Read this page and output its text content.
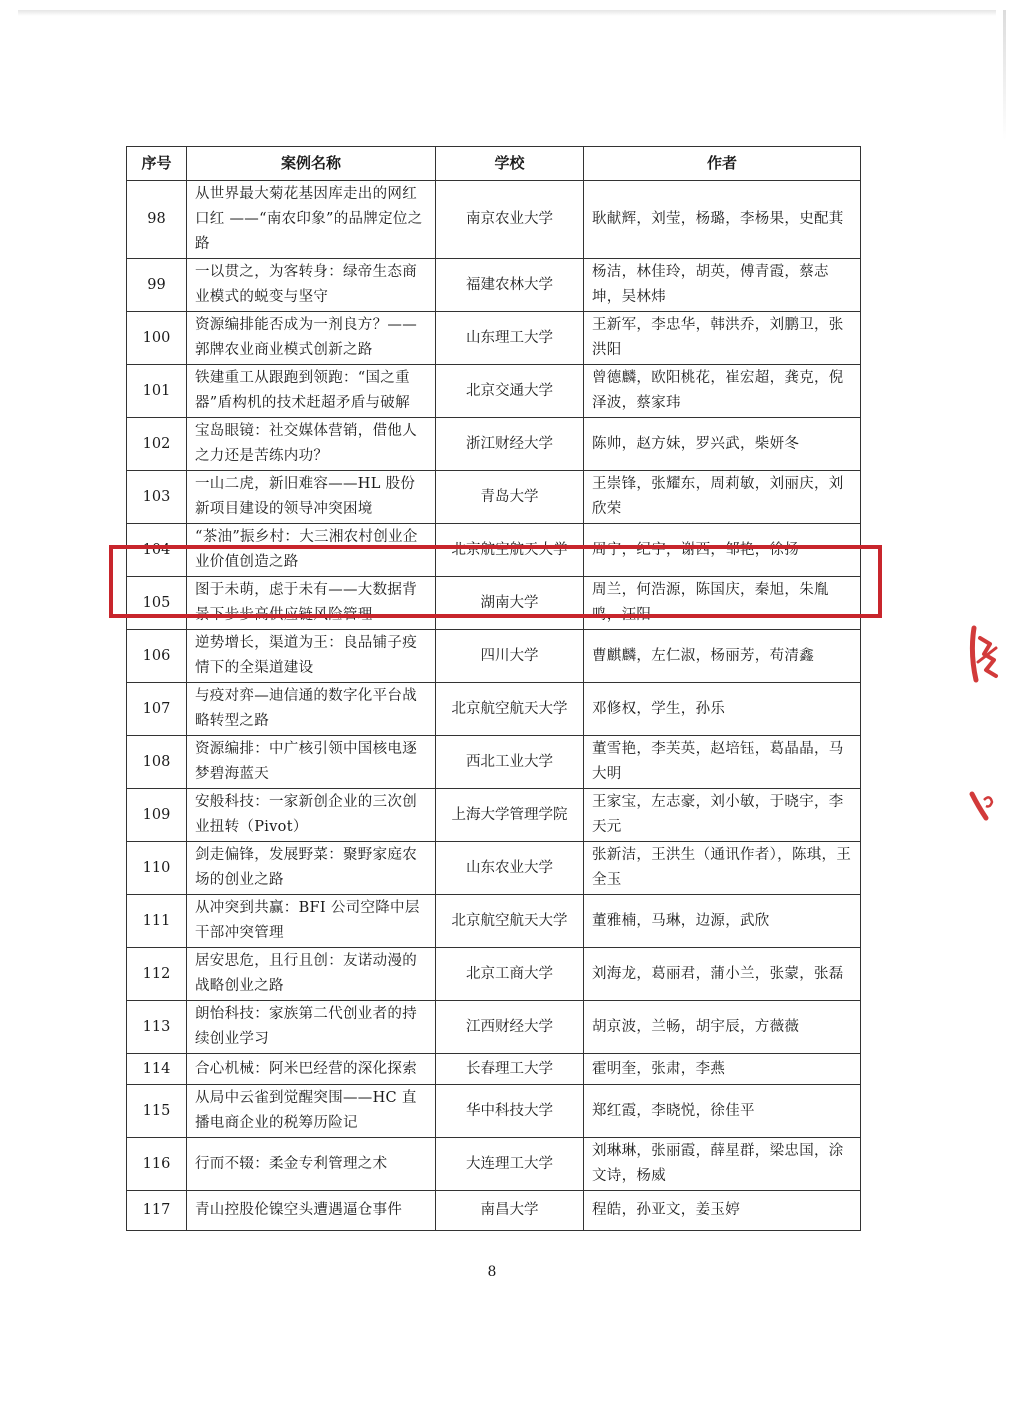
序号	案例名称	学校	作者
98	从世界最大菊花基因库走出的网红口红 ——“南农印象”的品牌定位之路	南京农业大学	耿献辉，刘莹，杨璐，李杨果，史配萁
99	一以贯之，为客转身：绿帝生态商业模式的蜕变与坚守	福建农林大学	杨洁，林佳玲，胡英，傅青霞，蔡志坤，吴林炜
100	资源编排能否成为一剂良方？——郭牌农业商业模式创新之路	山东理工大学	王新军，李忠华，韩洪乔，刘鹏卫，张洪阳
101	铁建重工从跟跑到领跑：“国之重器”盾构机的技术赶超矛盾与破解	北京交通大学	曾德麟，欧阳桃花，崔宏超，龚克，倪泽波，蔡家玮
102	宝岛眼镜：社交媒体营销，借他人之力还是苦练内功？	浙江财经大学	陈帅，赵方妹，罗兴武，柴妍冬
103	一山二虎，新旧难容——HL 股份新项目建设的领导冲突困境	青岛大学	王崇锋，张耀东，周莉敏，刘丽庆，刘欣荣
104	“茶油”振乡村：大三湘农村创业企业价值创造之路	北京航空航天大学	周宁，纪宇，谢西，邹艳，徐扬
105	图于未萌，虑于未有——大数据背景下步步高供应链风险管理	湖南大学	周兰，何浩源，陈国庆，秦旭，朱胤鸣，汪阳
106	逆势增长，渠道为王：良品铺子疫情下的全渠道建设	四川大学	曹麒麟，左仁淑，杨丽芳，苟清鑫
107	与疫对弈—迪信通的数字化平台战略转型之路	北京航空航天大学	邓修权，学生，孙乐
108	资源编排：中广核引领中国核电逐梦碧海蓝天	西北工业大学	董雪艳，李芙英，赵培钰，葛晶晶，马大明
109	安般科技：一家新创企业的三次创业扭转（Pivot）	上海大学管理学院	王家宝，左志豪，刘小敏，于晓宇，李天元
110	剑走偏锋，发展野菜：聚野家庭农场的创业之路	山东农业大学	张新洁，王洪生（通讯作者），陈琪，王全玉
111	从冲突到共赢：BFI 公司空降中层干部冲突管理	北京航空航天大学	董雅楠，马琳，边源，武欣
112	居安思危，且行且创：友诺动漫的战略创业之路	北京工商大学	刘海龙，葛丽君，蒲小兰，张蒙，张磊
113	朗怡科技：家族第二代创业者的持续创业学习	江西财经大学	胡京波，兰畅，胡宇辰，方薇薇
114	合心机械：阿米巴经营的深化探索	长春理工大学	霍明奎，张肃，李燕
115	从局中云雀到觉醒突围——HC 直播电商企业的税筹历险记	华中科技大学	郑红霞，李晓悦，徐佳平
116	行而不辍：柔金专利管理之术	大连理工大学	刘琳琳，张丽霞，薛星群，梁忠国，涂文诗，杨威
117	青山控股伦镍空头遭遇逼仓事件	南昌大学	程皓，孙亚文，姜玉婷
8
